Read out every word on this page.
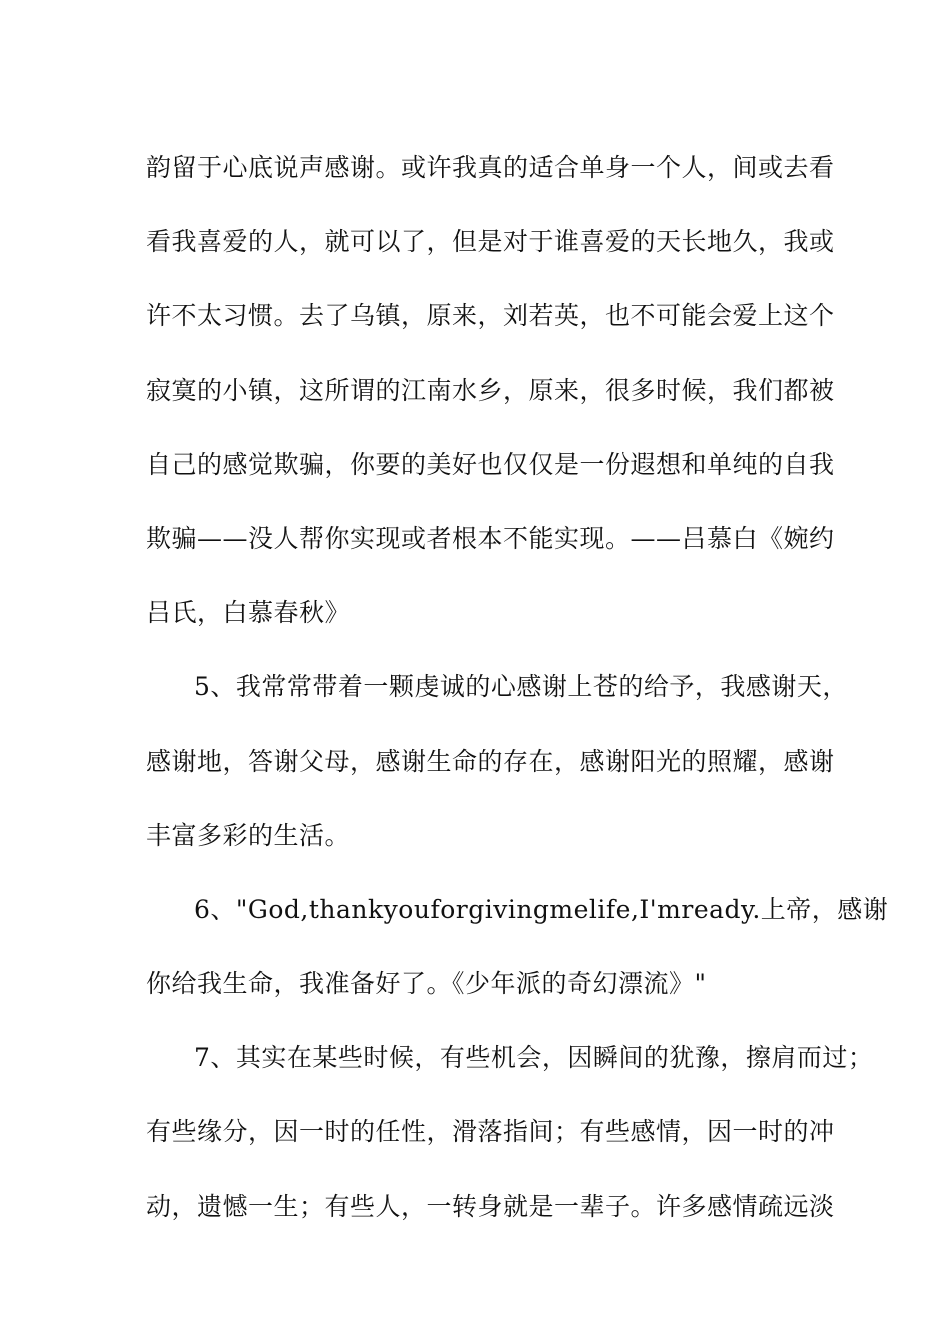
韵留于心底说声感谢。或许我真的适合单身一个人，间或去看
看我喜爱的人，就可以了，但是对于谁喜爱的天长地久，我或
许不太习惯。去了乌镇，原来，刘若英，也不可能会爱上这个
寂寞的小镇，这所谓的江南水乡，原来，很多时候，我们都被
自己的感觉欺骗，你要的美好也仅仅是一份遐想和单纯的自我
欺骗——没人帮你实现或者根本不能实现。——吕慕白《婉约
吕氏，白慕春秋》
5、我常常带着一颗虔诚的心感谢上苍的给予，我感谢天，
感谢地，答谢父母，感谢生命的存在，感谢阳光的照耀，感谢
丰富多彩的生活。
6、"God,thankyouforgivingmelife,I'mready.上帝，感谢
你给我生命，我准备好了。《少年派的奇幻漂流》"
7、其实在某些时候，有些机会，因瞬间的犹豫，擦肩而过；
有些缘分，因一时的任性，滑落指间；有些感情，因一时的冲
动，遗憾一生；有些人，一转身就是一辈子。许多感情疏远淡
